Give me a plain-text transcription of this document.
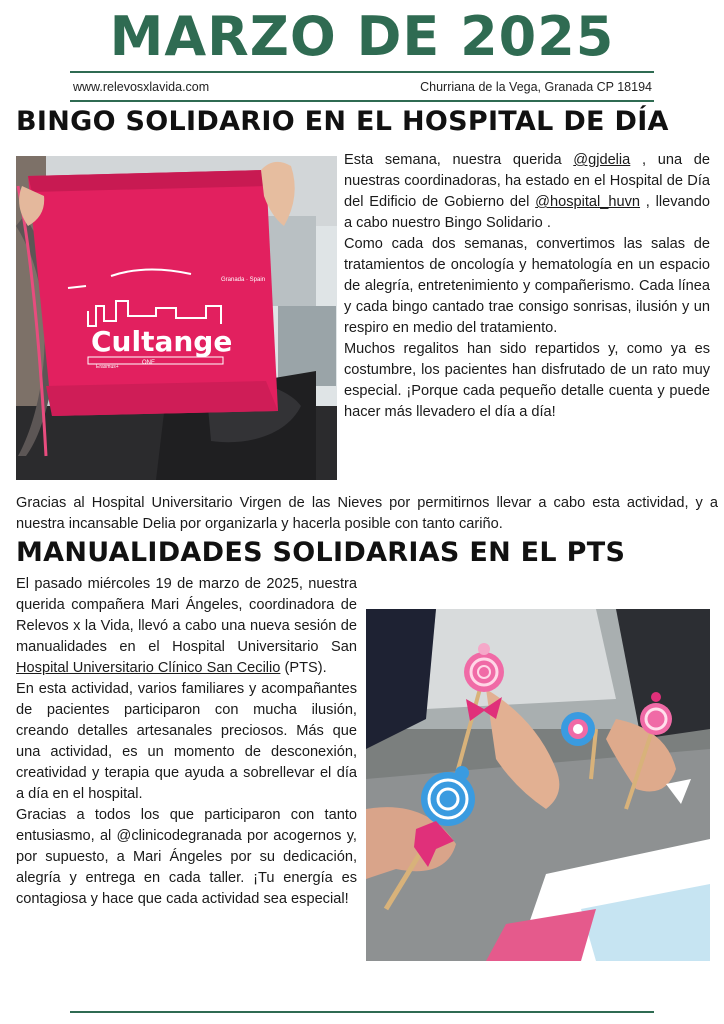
MARZO DE 2025
www.relevosxlavida.com	Churriana de la Vega, Granada CP 18194
BINGO SOLIDARIO EN EL HOSPITAL DE DÍA
Granada · Spain
Cultange
Erasmus+
ONE

Esta semana, nuestra querida @gjdelia , una de nuestras coordinadoras, ha estado en el Hospital de Día del Edificio de Gobierno del @hospital_huvn , llevando a cabo nuestro Bingo Solidario .

Como cada dos semanas, convertimos las salas de tratamientos de oncología y hematología en un espacio de alegría, entretenimiento y compañerismo. Cada línea y cada bingo cantado trae consigo sonrisas, ilusión y un respiro en medio del tratamiento.

Muchos regalitos han sido repartidos y, como ya es costumbre, los pacientes han disfrutado de un rato muy especial. ¡Porque cada pequeño detalle cuenta y puede hacer más llevadero el día a día!

Gracias al Hospital Universitario Virgen de las Nieves por permitirnos llevar a cabo esta actividad, y a nuestra incansable Delia por organizarla y hacerla posible con tanto cariño.
MANUALIDADES SOLIDARIAS EN EL PTS

El pasado miércoles 19 de marzo de 2025, nuestra querida compañera Mari Ángeles, coordinadora de Relevos x la Vida, llevó a cabo una nueva sesión de manualidades en el Hospital Universitario San Hospital Universitario Clínico San Cecilio (PTS).

En esta actividad, varios familiares y acompañantes de pacientes participaron con mucha ilusión, creando detalles artesanales preciosos. Más que una actividad, es un momento de desconexión, creatividad y terapia que ayuda a sobrellevar el día a día en el hospital.

Gracias a todos los que participaron con tanto entusiasmo, al @clinicodegranada por acogernos y, por supuesto, a Mari Ángeles por su dedicación, alegría y entrega en cada taller. ¡Tu energía es contagiosa y hace que cada actividad sea especial!
